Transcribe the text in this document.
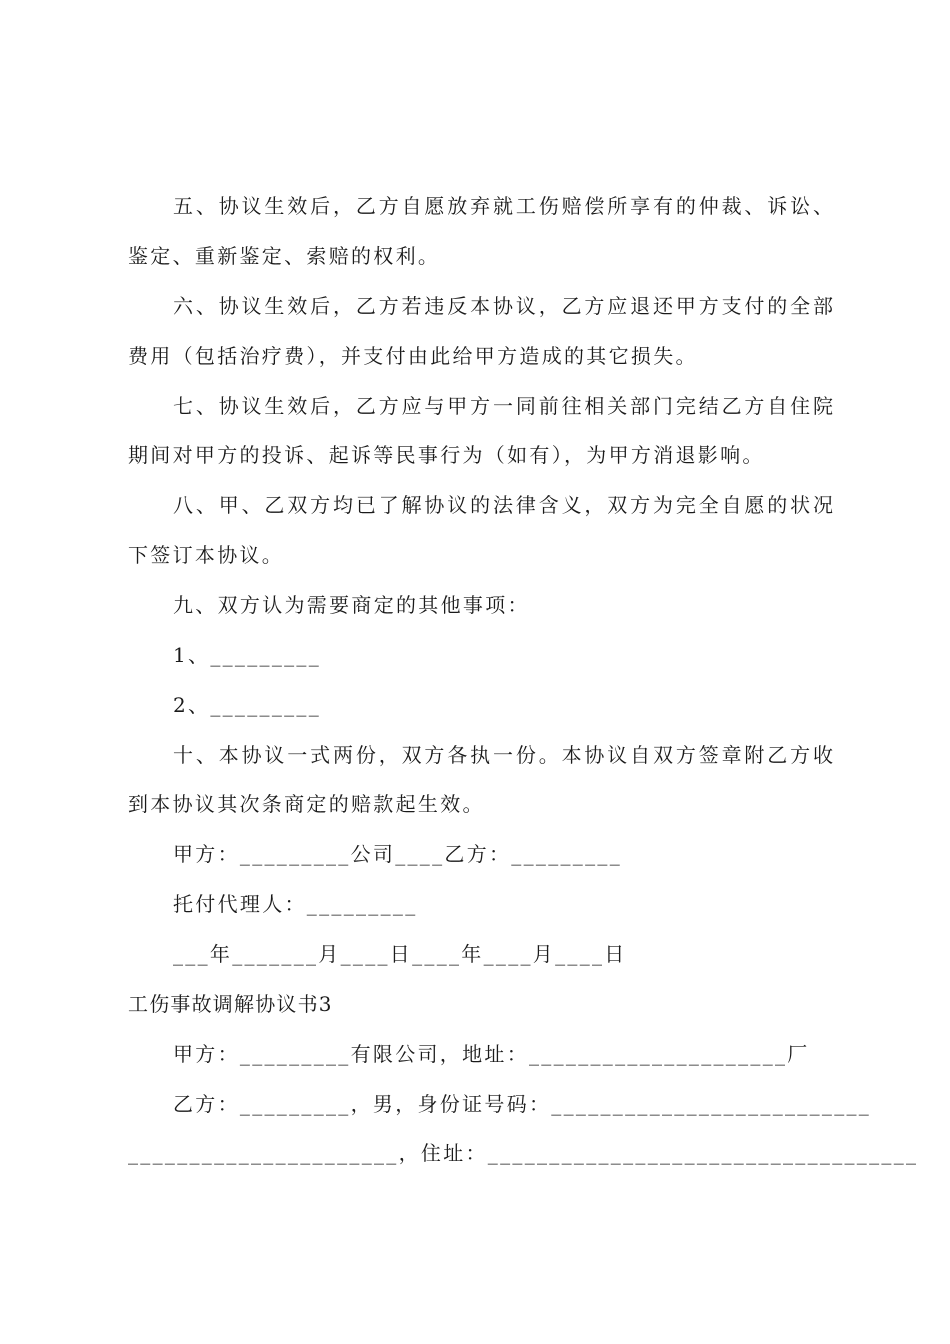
五、协议生效后，乙方自愿放弃就工伤赔偿所享有的仲裁、诉讼、
鉴定、重新鉴定、索赔的权利。
六、协议生效后，乙方若违反本协议，乙方应退还甲方支付的全部
费用（包括治疗费），并支付由此给甲方造成的其它损失。
七、协议生效后，乙方应与甲方一同前往相关部门完结乙方自住院
期间对甲方的投诉、起诉等民事行为（如有），为甲方消退影响。
八、甲、乙双方均已了解协议的法律含义，双方为完全自愿的状况
下签订本协议。
九、双方认为需要商定的其他事项：
1、_________
2、_________
十、本协议一式两份，双方各执一份。本协议自双方签章附乙方收
到本协议其次条商定的赔款起生效。
甲方：_________公司____乙方：_________
托付代理人：_________
___年_______月____日____年____月____日
工伤事故调解协议书3
甲方：_________有限公司，地址：_____________________厂
乙方：_________，男，身份证号码：__________________________
______________________，住址：___________________________________
